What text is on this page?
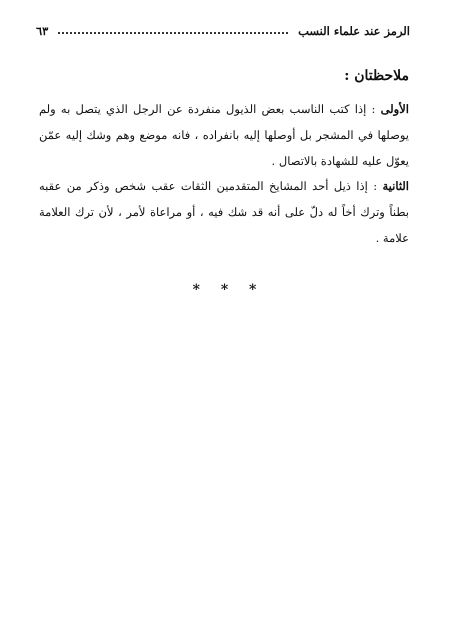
الرمز عند علماء النسب
٦٣
ملاحظتان :

الأولى : إذا كتب الناسب بعض الذيول منفردة عن الرجل الذي يتصل به ولم يوصلها في المشجر بل أوصلها إليه بانفراده ، فانه موضع وهم وشك إليه عمّن يعوّل عليه للشهادة بالاتصال .

الثانية : إذا ذيل أحد المشايخ المتقدمين الثقات عقب شخص وذكر من عقبه بطناً وترك أخاً له دلّ على أنه قد شك فيه ، أو مراعاة لأمر ، لأن ترك العلامة علامة .

* * *
